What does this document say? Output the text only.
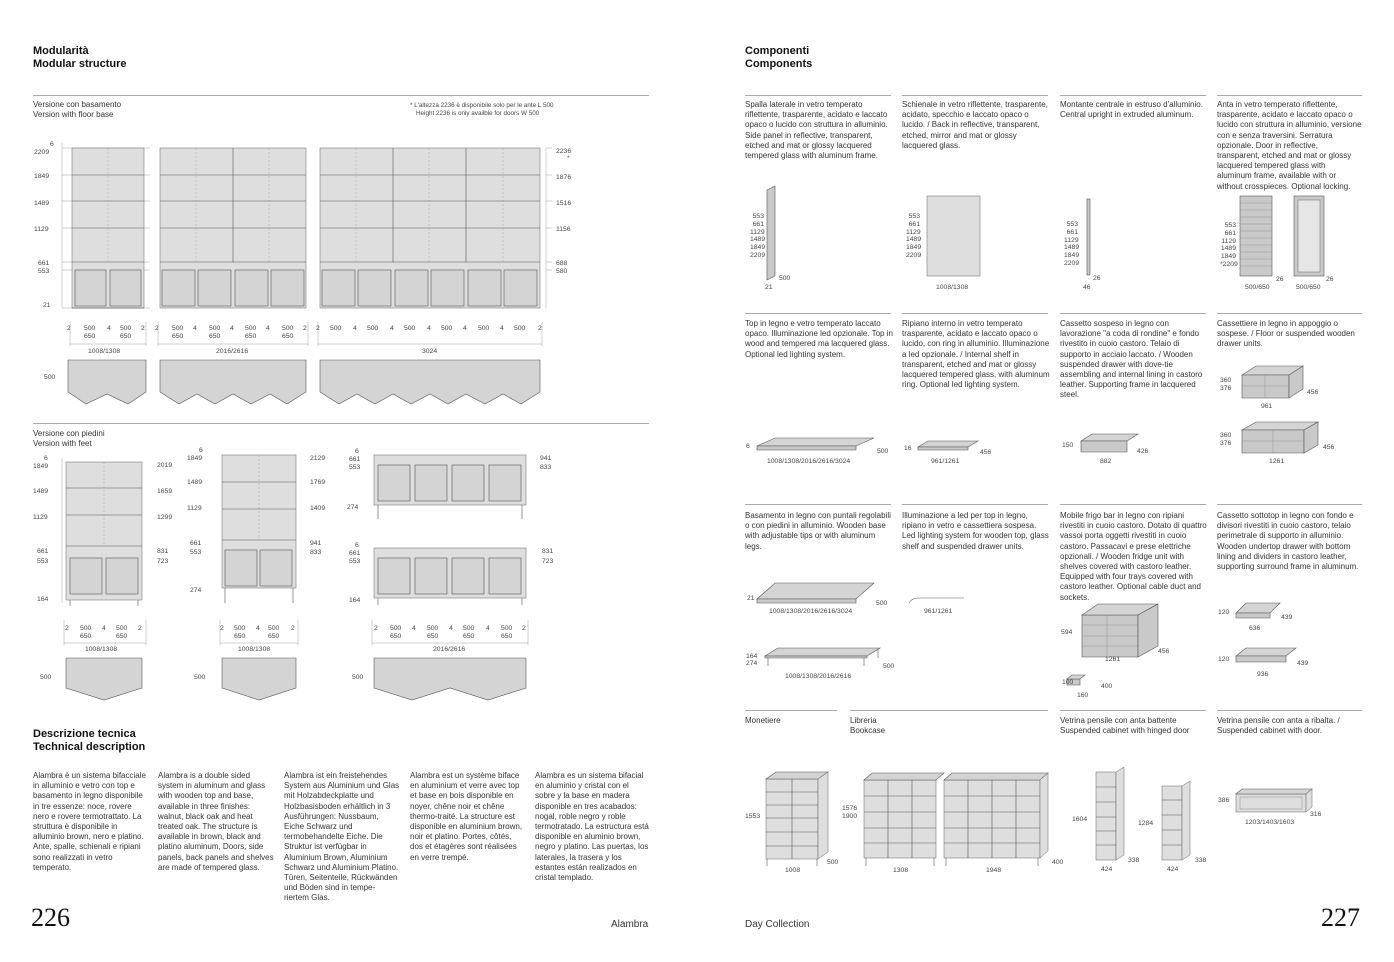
Modularità
Modular structure
Versione con basamento
Version with floor base
* L'altezza 2236 è disponibile solo per le ante L 500
Height 2236 is only availble for doors W 500
6
2209
1849
1489
1129
661
553
21
2236
*
1876
1516
1156
688
580
2 500 4 500 2
650	650
1008/1308
2 500 4 500 4 500 4 500 2
650	650	650	650
2016/2616
2 500 4 500 4 500 4 500 4 500 4 500 2
3024
500
Versione con piedini
Version with feet
6
1849
1489
1129
661
553
164
2019
1659
1299
831
723
6
1849
1489
1129
661
553
274
2129
1769
1409
941
833
6
661
553
274
941
833
6
661
553
164
831
723
2 500 4 500 2
650	650
1008/1308
2 500 4 500 2
650	650
1008/1308
2 500 4 500 4 500 4 500 2
650	650	650	650
2016/2616
500	500	500
Descrizione tecnica
Technical description
Alambra è un sistema bifacciale in alluminio e vetro con top e basamento in legno disponibile in tre essenze: noce, rovere nero e rovere termotrattato. La struttura è disponibile in alluminio brown, nero e platino. Ante, spalle, schienali e ripiani sono realizzati in vetro temperato.
Alambra is a double sided system in aluminum and glass with wooden top and base, available in three finishes: walnut, black oak and heat treated oak. The structure is available in brown, black and platino aluminum, Doors, side panels, back panels and shelves are made of tempered glass.
Alambra ist ein freistehendes System aus Aluminium und Glas mit Holzabdeckplatte und Holzbasisboden erhältlich in 3 Ausführungen: Nussbaum, Eiche Schwarz und termobehandelte Eiche. Die Struktur ist verfügbar in Aluminium Brown, Aluminium Schwarz und Aluminium Platino. Türen, Seitenteile, Rückwänden und Böden sind in tempe-riertem Glas.
Alambra est un système biface en aluminium et verre avec top et base en bois disponible en noyer, chêne noir et chêne thermo-traité. La structure est disponible en aluminium brown, noir et platino. Portes, côtés, dos et étagères sont réalisées en verre trempé.
Alambra es un sistema bifacial en aluminio y cristal con el sobre y la base en madera disponible en tres acabados: nogal, roble negro y roble termotratado. La estructura está disponible en aluminio brown, negro y platino. Las puertas, los laterales, la trasera y los estantes están realizados en cristal templado.
226	Alambra
Componenti
Components
Spalla laterale in vetro temperato riflettente, trasparente, acidato e laccato opaco o lucido con struttura in alluminio. Side panel in reflective, transparent, etched and mat or glossy lacquered tempered glass with aluminum frame.
Schienale in vetro riflettente, trasparente, acidato, specchio e laccato opaco o lucido. / Back in reflective, transparent, etched, mirror and mat or glossy lacquered glass.
Montante centrale in estruso d'alluminio. Central upright in extruded aluminum.
Anta in vetro temperato riflettente, trasparente, acidato e laccato opaco o lucido con struttura in alluminio, versione con e senza traversini. Serratura opzionale. Door in reflective, transparent, etched and mat or glossy lacquered tempered glass with aluminum frame, available with or without crosspieces. Optional locking.
553
661
1129
1489
1849
2209
500
21
553
661
1129
1489
1849
2209
1008/1308
553
661
1129
1489
1849
2209
26
46
553
661
1129
1489
1849
*2209
26	26
500/650	500/650
Top in legno e vetro temperato laccato opaco. Illuminazione led opzionale. Top in wood and tempered ma lacquered glass. Optional led lighting system.
Ripiano interno in vetro temperato trasparente, acidato e laccato opaco o lucido, con ring in alluminio. Illuminazione a led opzionale. / Internal shelf in transparent, etched and mat or glossy lacquered tempered glass, with aluminum ring. Optional led lighting system.
Cassetto sospeso in legno con lavorazione "a coda di rondine" e fondo rivestito in cuoio castoro. Telaio di supporto in acciaio laccato. / Wooden suspended drawer with dove-tie assembling and internal lining in castoro leather. Supporting frame in lacquered steel.
Cassettiere in legno in appoggio o sospese. / Floor or suspended wooden drawer units.
6
500
1008/1308/2016/2616/3024
16
456
961/1261
150
426
882
360
376
456
961
360
376
456
1261
Basamento in legno con puntali regolabili o con piedini in alluminio. Wooden base with adjustable tips or with aluminum legs.
Illuminazione a led per top in legno, ripiano in vetro e cassettiera sospesa. Led lighting system for wooden top, glass shelf and suspended drawer units.
Mobile frigo bar in legno con ripiani rivestiti in cuoio castoro. Dotato di quattro vassoi porta oggetti rivestiti in cuoio castoro. Passacavi e prese elettriche opzionali. / Wooden fridge unit with shelves covered with castoro leather. Equipped with four trays covered with castoro leather. Optional cable duct and sockets.
Cassetto sottotop in legno con fondo e divisori rivestiti in cuoio castoro, telaio perimetrale di supporto in alluminio. Wooden undertop drawer with bottom lining and dividers in castoro leather, supporting surround frame in aluminum.
21
500
1008/1308/2016/2616/3024
164
274	500
1008/1308/2016/2616
961/1261
594
456
1261
100
400
160
120
439
636
120
439
936
Monetiere	Libreria
Bookcase
Vetrina pensile con anta battente Suspended cabinet with hinged door
Vetrina pensile con anta a ribalta. / Suspended cabinet with door.
1553
500
1008
1576
1900
400
1308	1948
1604
338
424
1284
338
424
386
316
1203/1403/1603
Day Collection	227
